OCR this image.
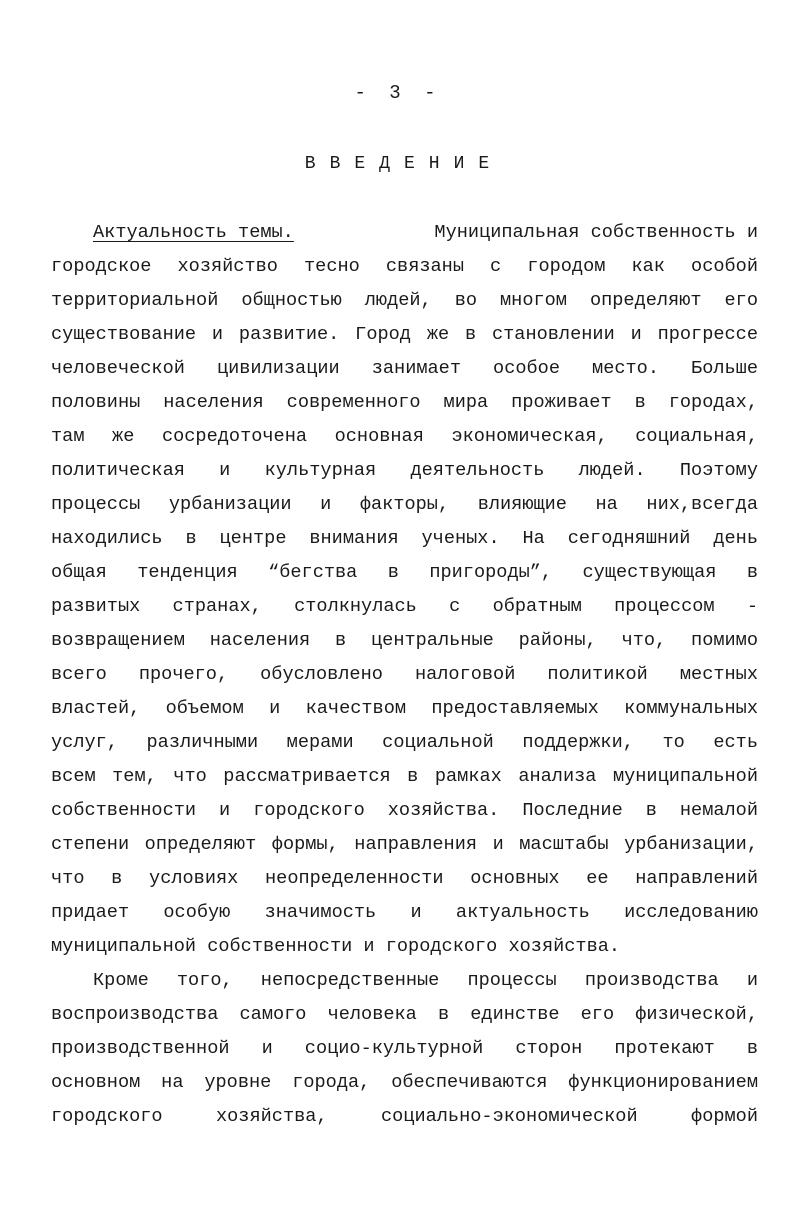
- 3 -
ВВЕДЕНИЕ
Актуальность темы.	Муниципальная собственность и
городское хозяйство тесно связаны с городом как особой
территориальной общностью людей, во многом определяют его
существование и развитие. Город же в становлении и прогрессе
человеческой цивилизации занимает особое место. Больше
половины населения современного мира проживает в городах,
там же сосредоточена основная экономическая, социальная,
политическая и культурная деятельность людей. Поэтому
процессы урбанизации и факторы, влияющие на них,всегда
находились в центре внимания ученых. На сегодняшний день
общая тенденция “бегства в пригороды”, существующая в
развитых странах, столкнулась с обратным процессом -
возвращением населения в центральные районы, что, помимо
всего прочего, обусловлено налоговой политикой местных
властей, объемом и качеством предоставляемых коммунальных
услуг, различными мерами социальной поддержки, то есть
всем тем, что рассматривается в рамках анализа муниципальной
собственности и городского хозяйства. Последние в немалой
степени определяют формы, направления и масштабы урбанизации,
что в условиях неопределенности основных ее направлений
придает особую значимость и актуальность исследованию
муниципальной собственности и городского хозяйства.
Кроме того, непосредственные процессы производства и
воспроизводства самого человека в единстве его физической,
производственной и социо-культурной сторон протекают в
основном на уровне города, обеспечиваются функционированием
городского хозяйства, социально-экономической формой
